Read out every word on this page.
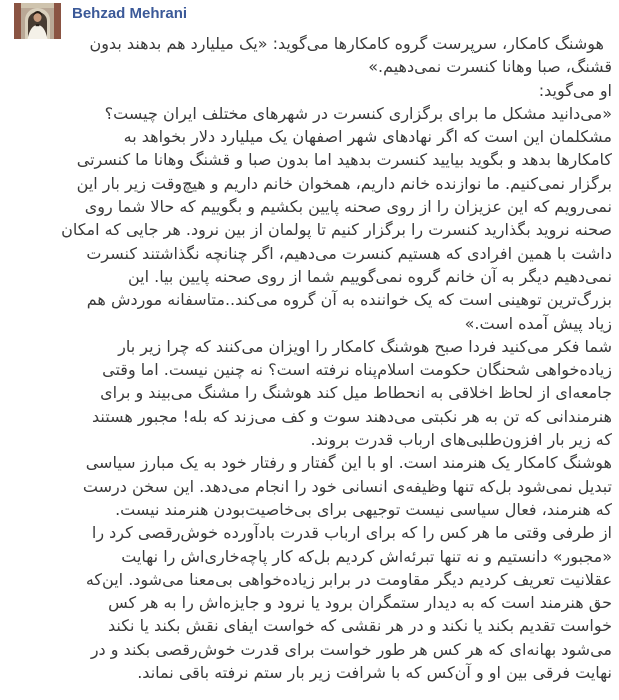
Behzad Mehrani
هوشنگ کامکار، سرپرست گروه کامکارها می‌گوید: «یک میلیارد هم بدهند بدون
قشنگ، صبا وهانا کنسرت نمی‌دهیم.»
او می‌گوید:
«می‌دانید مشکل ما برای برگزاری کنسرت در شهرهای مختلف ایران چیست؟
مشکلمان این است که اگر نهادهای شهر اصفهان یک میلیارد دلار بخواهد به
کامکارها بدهد و بگوید بیایید کنسرت بدهید اما بدون صبا و قشنگ وهانا ما کنسرتی
برگزار نمی‌کنیم. ما نوازنده خانم داریم، همخوان خانم داریم و هیچ‌وقت زیر بار این
نمی‌رویم که این عزیزان را از روی صحنه پایین بکشیم و بگوییم که حالا شما روی
صحنه نروید بگذارید کنسرت را برگزار کنیم تا پولمان از بین نرود. هر جایی که امکان
داشت با همین افرادی که هستیم کنسرت می‌دهیم، اگر چنانچه نگذاشتند کنسرت
نمی‌دهیم دیگر به آن خانم گروه نمی‌گوییم شما از روی صحنه پایین بیا. این
بزرگ‌ترین توهینی است که یک خواننده به آن گروه می‌کند..متاسفانه موردش هم
زیاد پیش آمده است.»
شما فکر می‌کنید فردا صبح هوشنگ کامکار را اویزان می‌کنند که چرا زیر بار
زیاده‌خواهی شحنگان حکومت اسلام‌پناه نرفته است؟ نه چنین نیست. اما وقتی
جامعه‌ای از لحاظ اخلاقی به انحطاط میل کند هوشنگ را مشنگ می‌بیند و برای
هنرمندانی که تن به هر نکبتی می‌دهند سوت و کف می‌زند که بله! مجبور هستند
که زیر بار افزون‌طلبی‌های ارباب قدرت بروند.
هوشنگ کامکار یک هنرمند است. او با این گفتار و رفتار خود به یک مبارز سیاسی
تبدیل نمی‌شود بل‌که تنها وظیفه‌ی انسانی خود را انجام می‌دهد. این سخن درست
که هنرمند، فعال سیاسی نیست توجیهی برای بی‌خاصیت‌بودن هنرمند نیست.
از طرفی وقتی ما هر کس را که برای ارباب قدرت بادآورده خوش‌رقصی کرد را
«مجبور» دانستیم و نه تنها تبرئه‌اش کردیم بل‌که کار پاچه‌خاری‌اش را نهایت
عقلانیت تعریف کردیم دیگر مقاومت در برابر زیاده‌خواهی بی‌معنا می‌شود. این‌که
حق هنرمند است که به دیدار ستمگران برود یا نرود و جایزه‌اش را به هر کس
خواست تقدیم بکند یا نکند و در هر نقشی که خواست ایفای نقش بکند یا نکند
می‌شود بهانه‌ای که هر کس هر طور خواست برای قدرت خوش‌رقصی بکند و در
نهایت فرقی بین او و آن‌کس که با شرافت زیر بار ستم نرفته باقی نماند.
